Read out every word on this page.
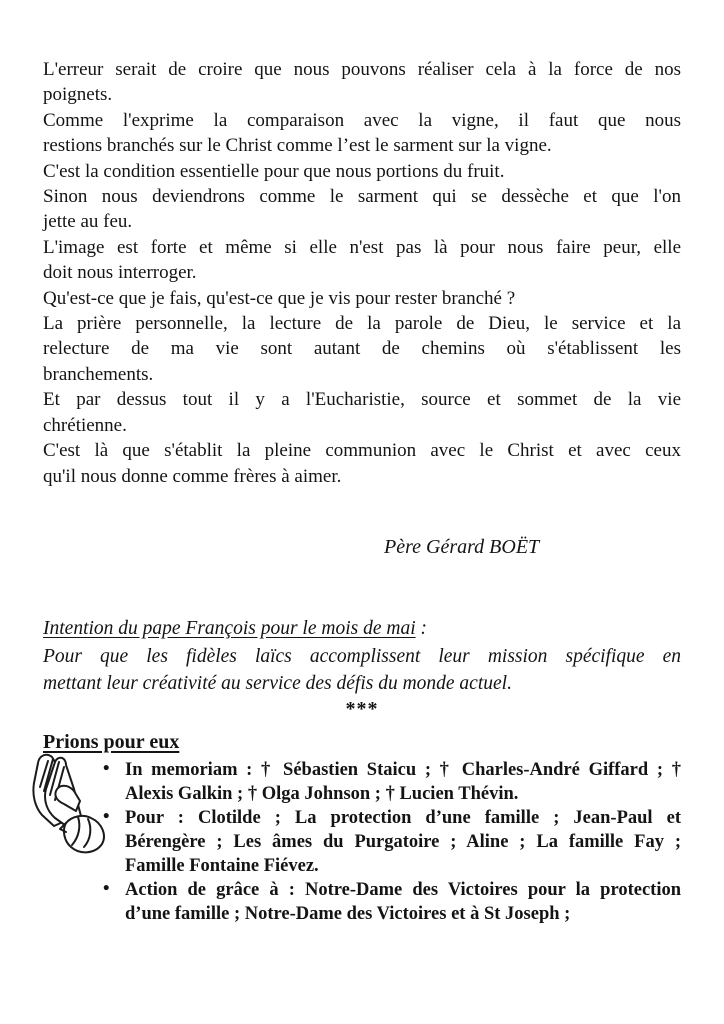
L'erreur serait de croire que nous pouvons réaliser cela à la force de nos
poignets.

Comme l'exprime la comparaison avec la vigne, il faut que nous
restions branchés sur le Christ comme l’est le sarment sur la vigne.

C'est la condition essentielle pour que nous portions du fruit.

Sinon nous deviendrons comme le sarment qui se dessèche et que l'on
jette au feu.

L'image est forte et même si elle n'est pas là pour nous faire peur, elle
doit nous interroger.

Qu'est-ce que je fais, qu'est-ce que je vis pour rester branché ?

La prière personnelle, la lecture de la parole de Dieu, le service et la
relecture de ma vie sont autant de chemins où s'établissent les
branchements.

Et par dessus tout il y a l'Eucharistie, source et sommet de la vie
chrétienne.

C'est là que s'établit la pleine communion avec le Christ et avec ceux
qu'il nous donne comme frères à aimer.

Père Gérard BOËT
Intention du pape François pour le mois de mai :
Pour que les fidèles laïcs accomplissent leur mission spécifique en
mettant leur créativité au service des défis du monde actuel.
***
Prions pour eux
• In memoriam : † Sébastien Staicu ; † Charles-André Giffard ; †
Alexis Galkin ; † Olga Johnson ; † Lucien Thévin.
• Pour : Clotilde ; La protection d’une famille ; Jean-Paul et
Bérengère ; Les âmes du Purgatoire ; Aline ; La famille Fay ;
Famille Fontaine Fiévez.
• Action de grâce à : Notre-Dame des Victoires pour la protection
d’une famille ; Notre-Dame des Victoires et à St Joseph ;
